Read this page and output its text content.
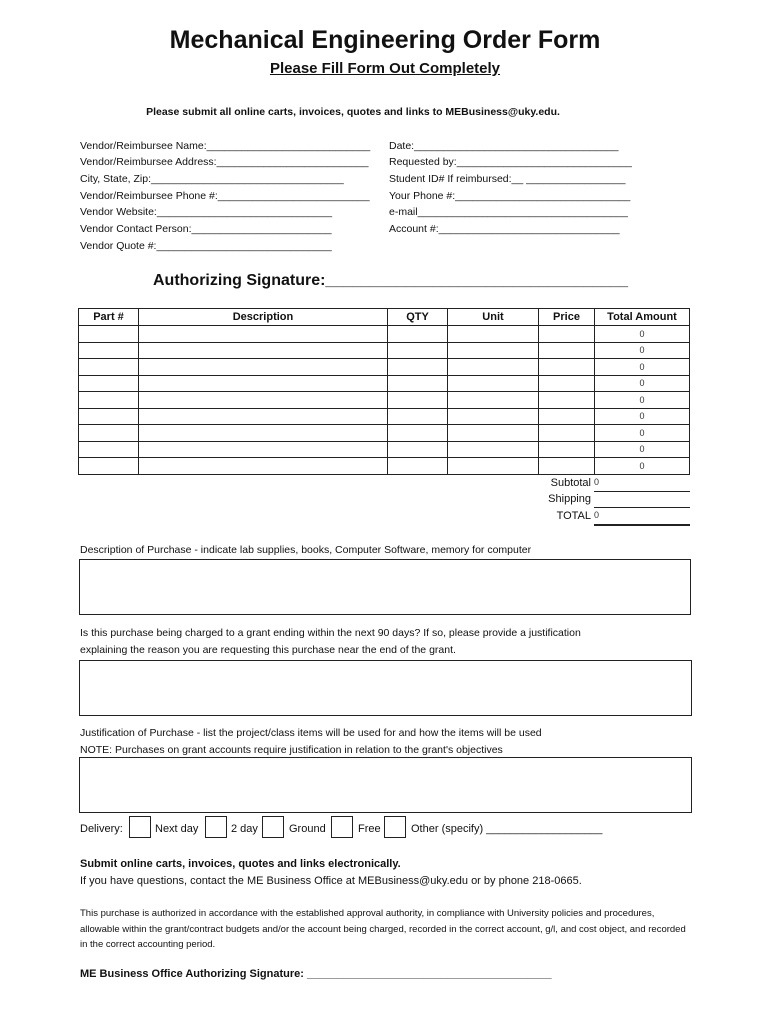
Mechanical Engineering Order Form
Please Fill Form Out Completely
Please submit all online carts, invoices, quotes and links to MEBusiness@uky.edu.
Vendor/Reimbursee Name:____________________________
Vendor/Reimbursee Address:__________________________
City, State, Zip:_________________________________
Vendor/Reimbursee Phone #:__________________________
Vendor Website:______________________________
Vendor Contact Person:________________________
Vendor Quote #:______________________________
Date:___________________________________
Requested by:______________________________
Student ID# If reimbursed:__ _________________
Your Phone #:______________________________
e-mail____________________________________
Account #:_______________________________
Authorizing Signature:__________________________________
Part #	Description	QTY	Unit	Price	Total Amount
					0
					0
					0
					0
					0
					0
					0
					0
					0
Subtotal 0
Shipping
TOTAL 0
Description of Purchase - indicate lab supplies, books, Computer Software, memory for computer
Is this purchase being charged to a grant ending within the next 90 days? If so, please provide a justification
explaining the reason you are requesting this purchase near the end of the grant.
Justification of Purchase - list the project/class items will be used for and how the items will be used
NOTE: Purchases on grant accounts require justification in relation to the grant's objectives
Delivery:	Next day	2 day	Ground	Free	Other (specify) ___________________
Submit online carts, invoices, quotes and links electronically.
If you have questions, contact the ME Business Office at MEBusiness@uky.edu or by phone 218-0665.
This purchase is authorized in accordance with the established approval authority, in compliance with University policies and procedures, allowable within the grant/contract budgets and/or the account being charged, recorded in the correct account, g/l, and cost object, and recorded in the correct accounting period.
ME Business Office Authorizing Signature: ________________________________________
